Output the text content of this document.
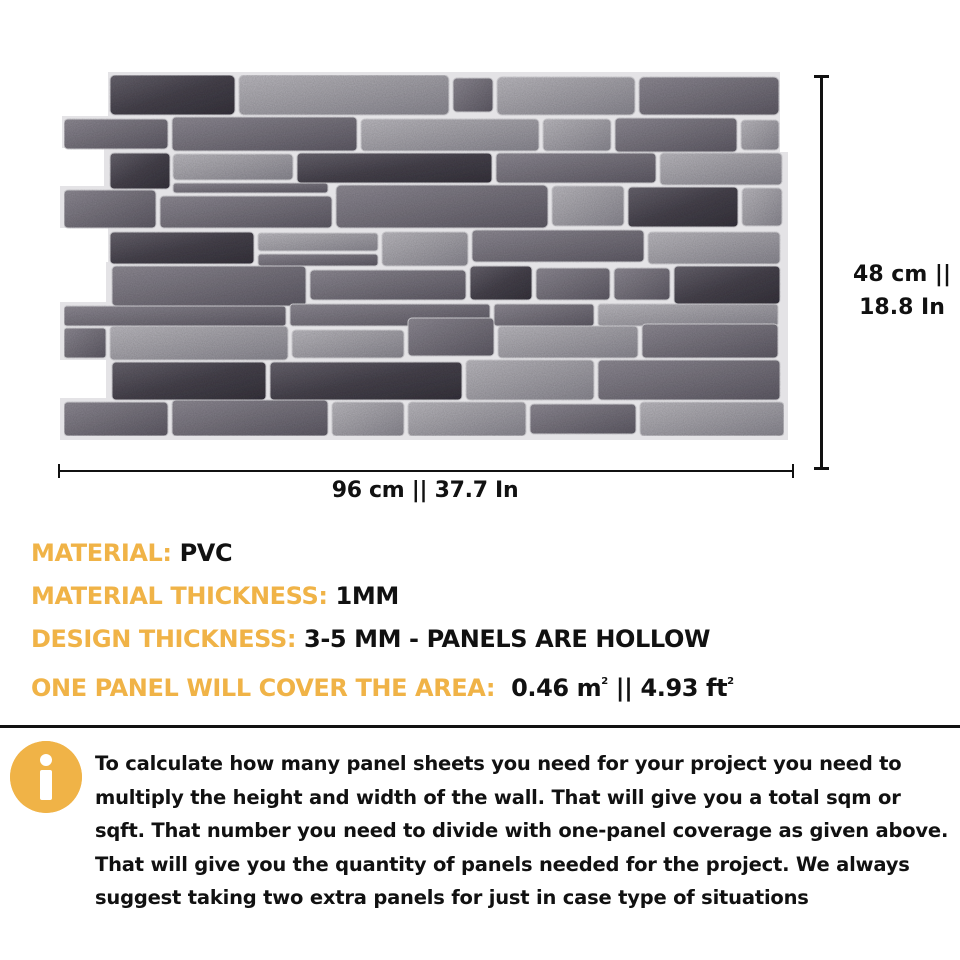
96 cm || 37.7 In
48 cm ||
18.8 In
MATERIAL: PVC
MATERIAL THICKNESS: 1MM
DESIGN THICKNESS: 3-5 MM - PANELS ARE HOLLOW
ONE PANEL WILL COVER THE AREA: 0.46 $m^2$ || 4.93 $ft^2$
To calculate how many panel sheets you need for your project you need to multiply the height and width of the wall. That will give you a total sqm or sqft. That number you need to divide with one-panel coverage as given above. That will give you the quantity of panels needed for the project. We always suggest taking two extra panels for just in case type of situations
